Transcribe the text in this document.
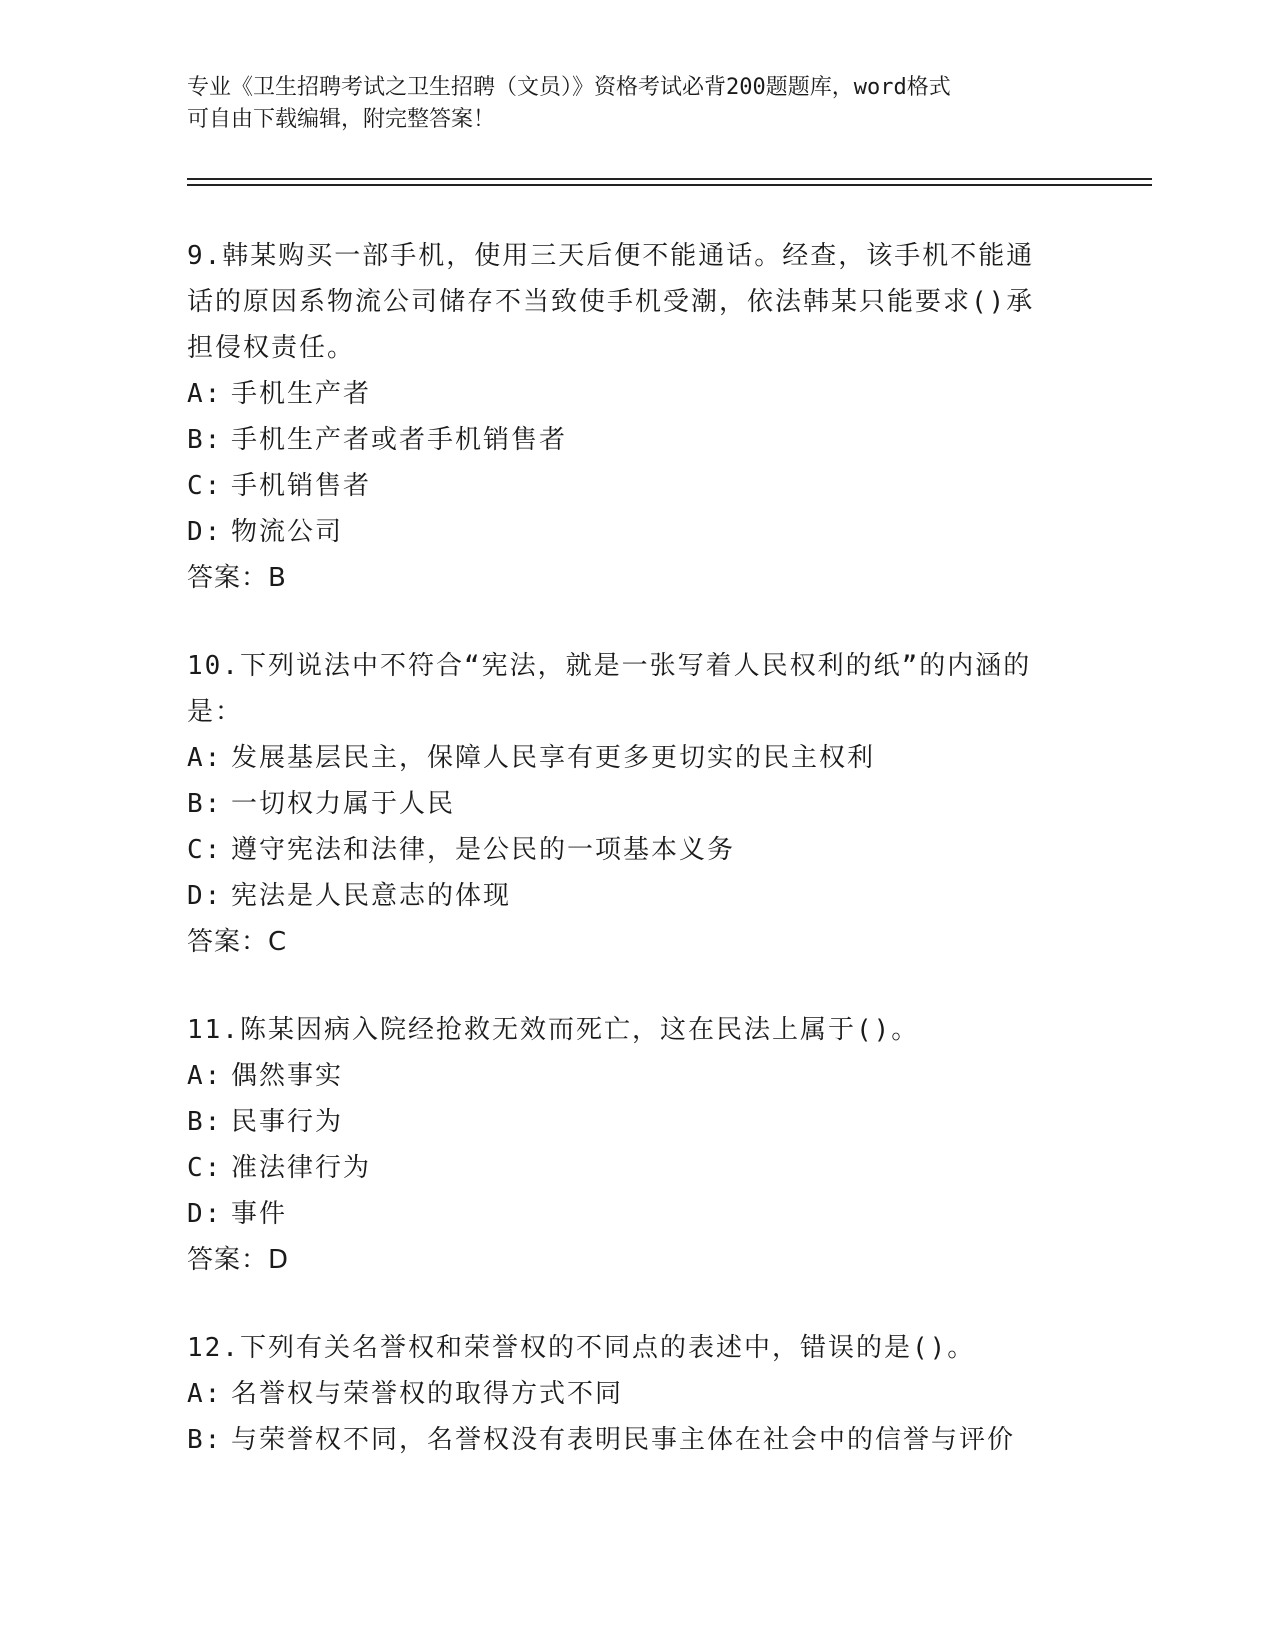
专业《卫生招聘考试之卫生招聘（文员）》资格考试必背200题题库，word格式
可自由下载编辑，附完整答案！
9.韩某购买一部手机，使用三天后便不能通话。经查，该手机不能通
话的原因系物流公司储存不当致使手机受潮，依法韩某只能要求()承
担侵权责任。
A: 手机生产者
B: 手机生产者或者手机销售者
C: 手机销售者
D: 物流公司
答案：B
10.下列说法中不符合“宪法，就是一张写着人民权利的纸”的内涵的
是：
A: 发展基层民主，保障人民享有更多更切实的民主权利
B: 一切权力属于人民
C: 遵守宪法和法律，是公民的一项基本义务
D: 宪法是人民意志的体现
答案：C
11.陈某因病入院经抢救无效而死亡，这在民法上属于()。
A: 偶然事实
B: 民事行为
C: 准法律行为
D: 事件
答案：D
12.下列有关名誉权和荣誉权的不同点的表述中，错误的是()。
A: 名誉权与荣誉权的取得方式不同
B: 与荣誉权不同，名誉权没有表明民事主体在社会中的信誉与评价
